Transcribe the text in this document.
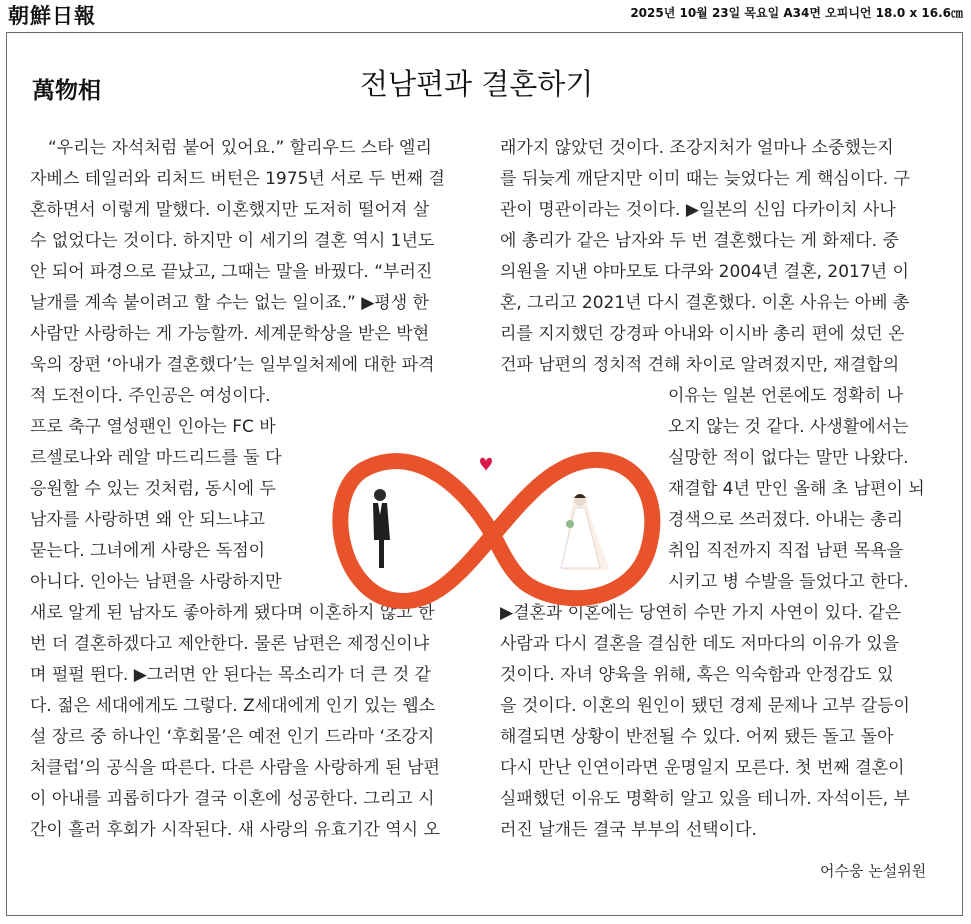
朝鮮日報	2025년 10월 23일 목요일 A34면 오피니언 18.0 x 16.6㎝
萬物相	전남편과 결혼하기
“우리는 자석처럼 붙어 있어요.” 할리우드 스타 엘리
자베스 테일러와 리처드 버턴은 1975년 서로 두 번째 결
혼하면서 이렇게 말했다. 이혼했지만 도저히 떨어져 살
수 없었다는 것이다. 하지만 이 세기의 결혼 역시 1년도
안 되어 파경으로 끝났고, 그때는 말을 바꿨다. “부러진
날개를 계속 붙이려고 할 수는 없는 일이죠.” ▶평생 한
사람만 사랑하는 게 가능할까. 세계문학상을 받은 박현
욱의 장편 ‘아내가 결혼했다’는 일부일처제에 대한 파격
적 도전이다. 주인공은 여성이다.
프로 축구 열성팬인 인아는 FC 바
르셀로나와 레알 마드리드를 둘 다
응원할 수 있는 것처럼, 동시에 두
남자를 사랑하면 왜 안 되느냐고
묻는다. 그녀에게 사랑은 독점이
아니다. 인아는 남편을 사랑하지만
새로 알게 된 남자도 좋아하게 됐다며 이혼하지 않고 한
번 더 결혼하겠다고 제안한다. 물론 남편은 제정신이냐
며 펄펄 뛴다. ▶그러면 안 된다는 목소리가 더 큰 것 같
다. 젊은 세대에게도 그렇다. Z세대에게 인기 있는 웹소
설 장르 중 하나인 ‘후회물’은 예전 인기 드라마 ‘조강지
처클럽’의 공식을 따른다. 다른 사람을 사랑하게 된 남편
이 아내를 괴롭히다가 결국 이혼에 성공한다. 그리고 시
간이 흘러 후회가 시작된다. 새 사랑의 유효기간 역시 오
래가지 않았던 것이다. 조강지처가 얼마나 소중했는지
를 뒤늦게 깨닫지만 이미 때는 늦었다는 게 핵심이다. 구
관이 명관이라는 것이다. ▶일본의 신임 다카이치 사나
에 총리가 같은 남자와 두 번 결혼했다는 게 화제다. 중
의원을 지낸 야마모토 다쿠와 2004년 결혼, 2017년 이
혼, 그리고 2021년 다시 결혼했다. 이혼 사유는 아베 총
리를 지지했던 강경파 아내와 이시바 총리 편에 섰던 온
건파 남편의 정치적 견해 차이로 알려졌지만, 재결합의
이유는 일본 언론에도 정확히 나
오지 않는 것 같다. 사생활에서는
실망한 적이 없다는 말만 나왔다.
재결합 4년 만인 올해 초 남편이 뇌
경색으로 쓰러졌다. 아내는 총리
취임 직전까지 직접 남편 목욕을
시키고 병 수발을 들었다고 한다.
▶결혼과 이혼에는 당연히 수만 가지 사연이 있다. 같은
사람과 다시 결혼을 결심한 데도 저마다의 이유가 있을
것이다. 자녀 양육을 위해, 혹은 익숙함과 안정감도 있
을 것이다. 이혼의 원인이 됐던 경제 문제나 고부 갈등이
해결되면 상황이 반전될 수 있다. 어찌 됐든 돌고 돌아
다시 만난 인연이라면 운명일지 모른다. 첫 번째 결혼이
실패했던 이유도 명확히 알고 있을 테니까. 자석이든, 부
러진 날개든 결국 부부의 선택이다.
어수웅 논설위원
